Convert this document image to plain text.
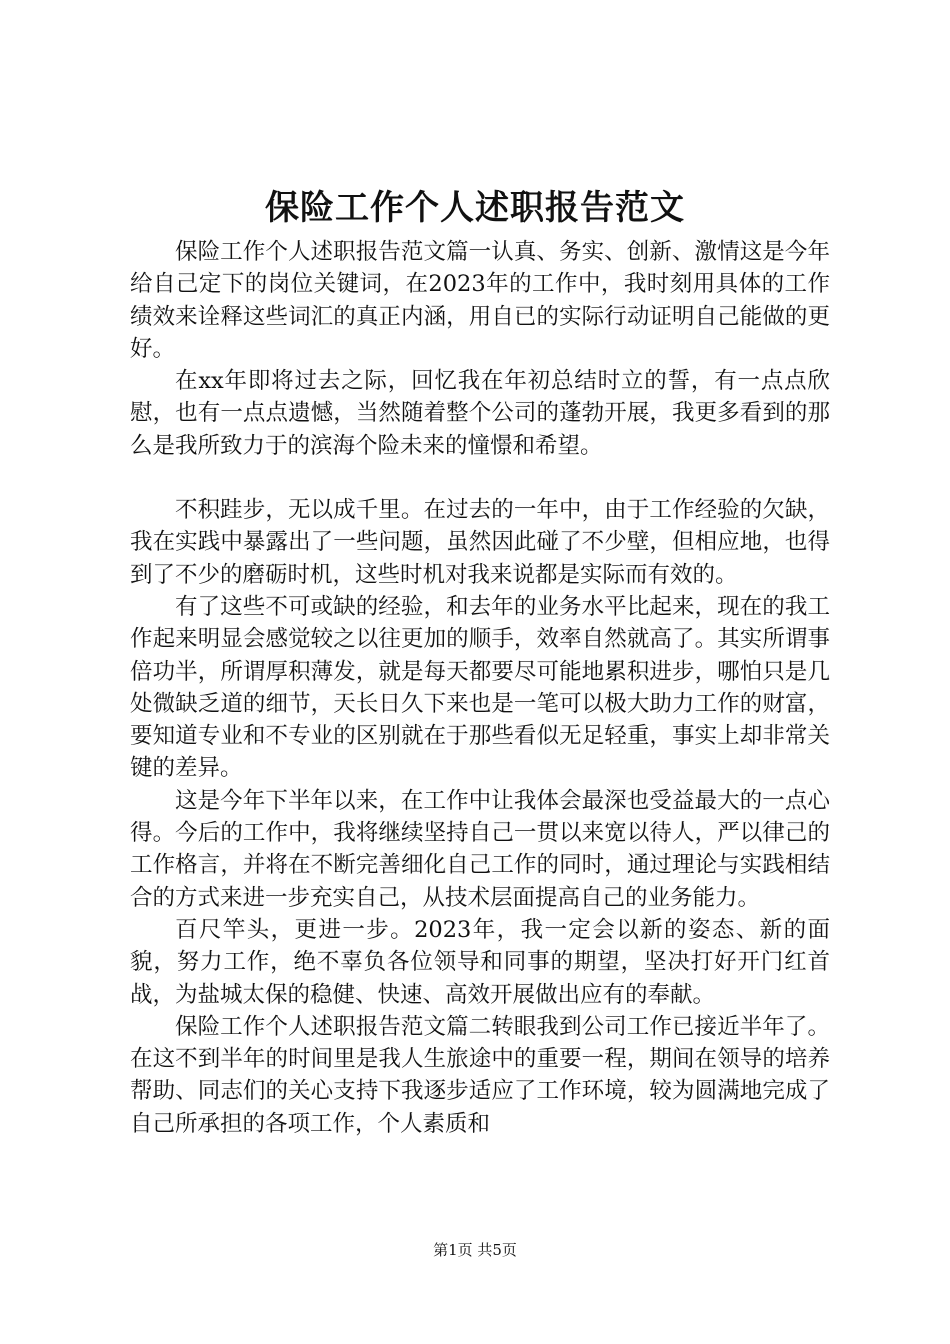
保险工作个人述职报告范文

保险工作个人述职报告范文篇一认真、务实、创新、激情这是今年给自己定下的岗位关键词，在2023年的工作中，我时刻用具体的工作绩效来诠释这些词汇的真正内涵，用自已的实际行动证明自己能做的更好。

在xx年即将过去之际，回忆我在年初总结时立的誓，有一点点欣慰，也有一点点遗憾，当然随着整个公司的蓬勃开展，我更多看到的那么是我所致力于的滨海个险未来的憧憬和希望。

不积跬步，无以成千里。在过去的一年中，由于工作经验的欠缺，我在实践中暴露出了一些问题，虽然因此碰了不少壁，但相应地，也得到了不少的磨砺时机，这些时机对我来说都是实际而有效的。

有了这些不可或缺的经验，和去年的业务水平比起来，现在的我工作起来明显会感觉较之以往更加的顺手，效率自然就高了。其实所谓事倍功半，所谓厚积薄发，就是每天都要尽可能地累积进步，哪怕只是几处微缺乏道的细节，天长日久下来也是一笔可以极大助力工作的财富，要知道专业和不专业的区别就在于那些看似无足轻重，事实上却非常关键的差异。

这是今年下半年以来，在工作中让我体会最深也受益最大的一点心得。今后的工作中，我将继续坚持自己一贯以来宽以待人，严以律己的工作格言，并将在不断完善细化自己工作的同时，通过理论与实践相结合的方式来进一步充实自己，从技术层面提高自己的业务能力。

百尺竿头，更进一步。2023年，我一定会以新的姿态、新的面貌，努力工作，绝不辜负各位领导和同事的期望，坚决打好开门红首战，为盐城太保的稳健、快速、高效开展做出应有的奉献。

保险工作个人述职报告范文篇二转眼我到公司工作已接近半年了。在这不到半年的时间里是我人生旅途中的重要一程，期间在领导的培养帮助、同志们的关心支持下我逐步适应了工作环境，较为圆满地完成了自己所承担的各项工作，个人素质和

第1页 共5页
